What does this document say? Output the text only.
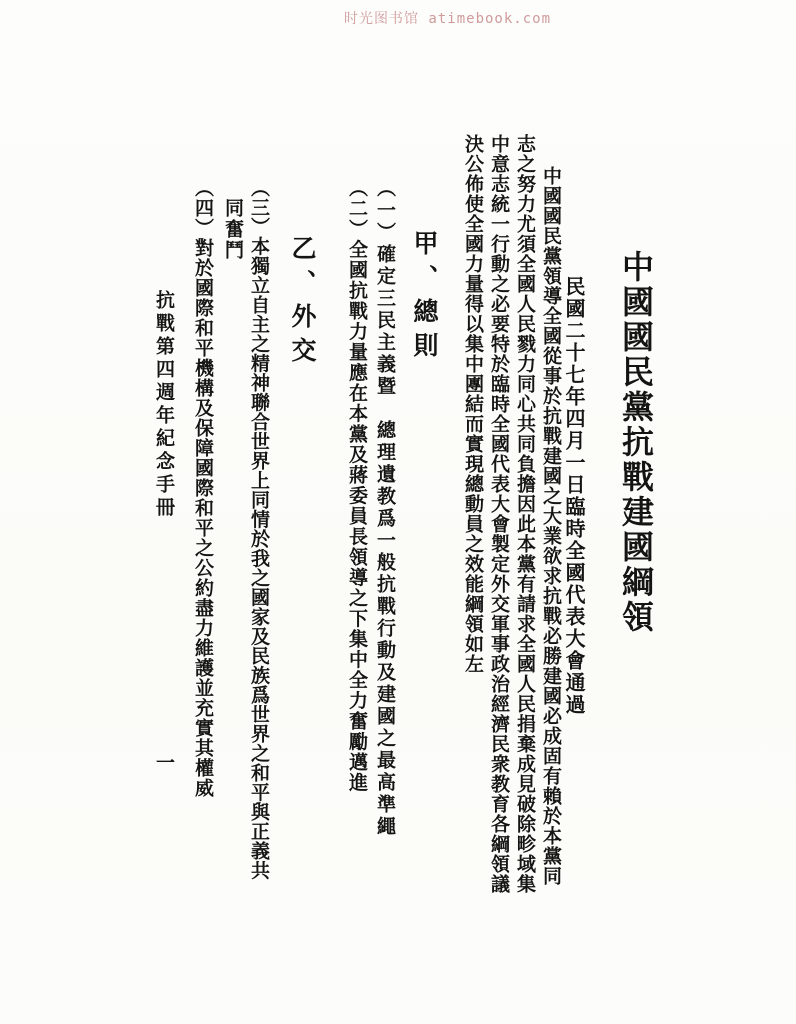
时光图书馆 atimebook.com
中國國民黨抗戰建國綱領
民國二十七年四月一日臨時全國代表大會通過
中國國民黨領導全國從事於抗戰建國之大業欲求抗戰必勝建國必成固有賴於本黨同
志之努力尤須全國人民戮力同心共同負擔因此本黨有請求全國人民捐棄成見破除畛域集
中意志統一行動之必要特於臨時全國代表大會製定外交軍事政治經濟民衆教育各綱領議
決公佈使全國力量得以集中團結而實現總動員之效能綱領如左
甲、總則
︵一︶確定三民主義暨　總理遺教爲一般抗戰行動及建國之最高準繩
︵二︶全國抗戰力量應在本黨及蔣委員長領導之下集中全力奮勵邁進
乙、外交
︵三︶本獨立自主之精神聯合世界上同情於我之國家及民族爲世界之和平與正義共
同奮鬥
︵四︶對於國際和平機構及保障國際和平之公約盡力維護並充實其權威
抗戰第四週年紀念手冊
一
